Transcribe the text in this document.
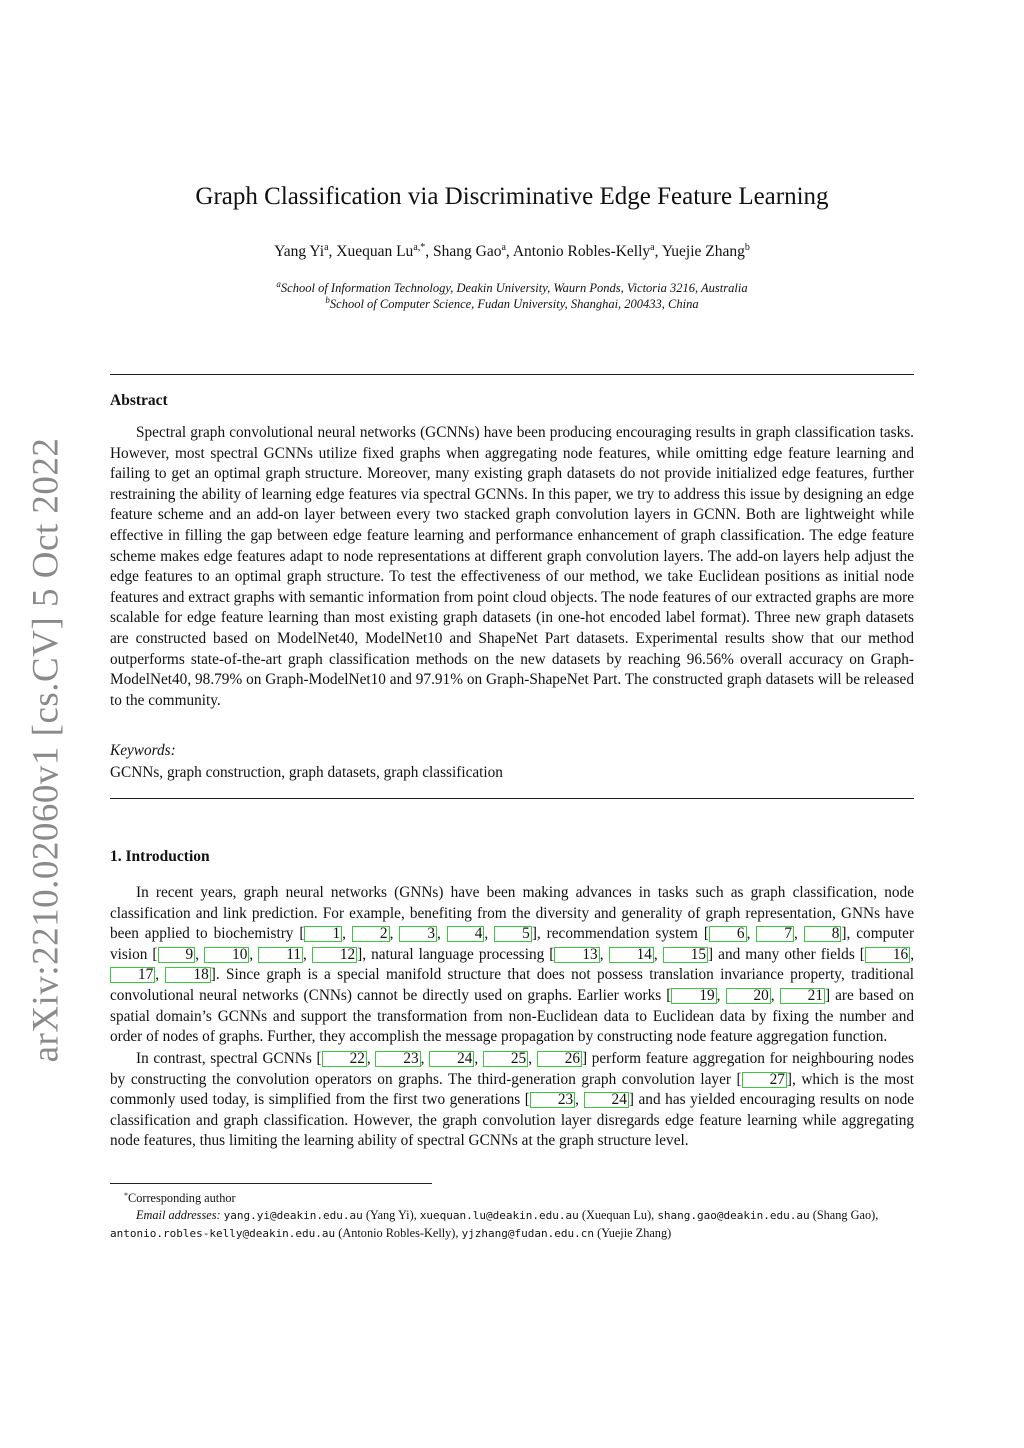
arXiv:2210.02060v1 [cs.CV] 5 Oct 2022
Graph Classification via Discriminative Edge Feature Learning
Yang Yi$^a$, Xuequan $Lu^{a,*}$, Shang Gao$^a$, Antonio Robles-Kelly$^a$, Yuejie Zhang$^b$
$^a$School of Information Technology, Deakin University, Waurn Ponds, Victoria 3216, Australia
$^b$School of Computer Science, Fudan University, Shanghai, 200433, China
Abstract

Spectral graph convolutional neural networks (GCNNs) have been producing encouraging results in graph classification tasks. However, most spectral GCNNs utilize fixed graphs when aggregating node features, while omitting edge feature learning and failing to get an optimal graph structure. Moreover, many existing graph datasets do not provide initialized edge features, further restraining the ability of learning edge features via spectral GCNNs. In this paper, we try to address this issue by designing an edge feature scheme and an add-on layer between every two stacked graph convolution layers in GCNN. Both are lightweight while effective in filling the gap between edge feature learning and performance enhancement of graph classification. The edge feature scheme makes edge features adapt to node representations at different graph convolution layers. The add-on layers help adjust the edge features to an optimal graph structure. To test the effectiveness of our method, we take Euclidean positions as initial node features and extract graphs with semantic information from point cloud objects. The node features of our extracted graphs are more scalable for edge feature learning than most existing graph datasets (in one-hot encoded label format). Three new graph datasets are constructed based on ModelNet40, ModelNet10 and ShapeNet Part datasets. Experimental results show that our method outperforms state-of-the-art graph classification methods on the new datasets by reaching 96.56% overall accuracy on Graph-ModelNet40, 98.79% on Graph-ModelNet10 and 97.91% on Graph-ShapeNet Part. The constructed graph datasets will be released to the community.

Keywords:
GCNNs, graph construction, graph datasets, graph classification
1. Introduction

In recent years, graph neural networks (GNNs) have been making advances in tasks such as graph classification, node classification and link prediction. For example, benefiting from the diversity and generality of graph representation, GNNs have been applied to biochemistry [ 1 , 2 , 3 , 4 , 5 ], recommendation system [ 6 , 7 , 8 ], computer vision [ 9 , 10 , 11 , 12 ], natural language processing [ 13 , 14 , 15 ] and many other fields [ 16 , 17 , 18 ]. Since graph is a special manifold structure that does not possess translation invariance property, traditional convolutional neural networks (CNNs) cannot be directly used on graphs. Earlier works [ 19 , 20 , 21 ] are based on spatial domain’s GCNNs and support the transformation from non-Euclidean data to Euclidean data by fixing the number and order of nodes of graphs. Further, they accomplish the message propagation by constructing node feature aggregation function.

In contrast, spectral GCNNs [ 22 , 23 , 24 , 25 , 26 ] perform feature aggregation for neighbouring nodes by constructing the convolution operators on graphs. The third-generation graph convolution layer [ 27 ], which is the most commonly used today, is simplified from the first two generations [ 23 , 24 ] and has yielded encouraging results on node classification and graph classification. However, the graph convolution layer disregards edge feature learning while aggregating node features, thus limiting the learning ability of spectral GCNNs at the graph structure level.

*Corresponding author

Email addresses: yang.yi@deakin.edu.au (Yang Yi), xuequan.lu@deakin.edu.au (Xuequan Lu), shang.gao@deakin.edu.au (Shang Gao), antonio.robles-kelly@deakin.edu.au (Antonio Robles-Kelly), yjzhang@fudan.edu.cn (Yuejie Zhang)
